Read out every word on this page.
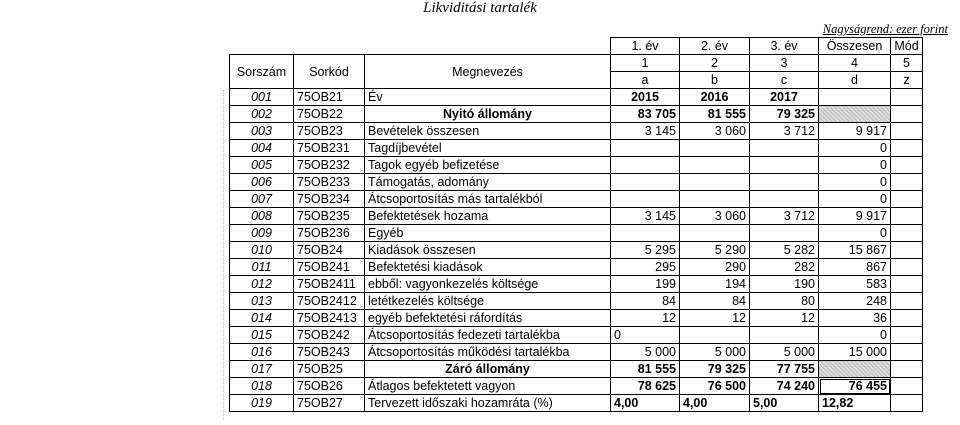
Likviditási tartalék
Nagyságrend: ezer forint
			1. év	2. év	3. év	Összesen	Mód
Sorszám	Sorkód	Megnevezés	1	2	3	4	5
			a	b	c	d	z
001	75OB21	Év	2015	2016	2017		
002	75OB22	Nyitó állomány	83 705	81 555	79 325		
003	75OB23	Bevételek összesen	3 145	3 060	3 712	9 917	
004	75OB231	Tagdíjbevétel				0	
005	75OB232	Tagok egyéb befizetése				0	
006	75OB233	Támogatás, adomány				0	
007	75OB234	Átcsoportosítás más tartalékból				0	
008	75OB235	Befektetések hozama	3 145	3 060	3 712	9 917	
009	75OB236	Egyéb				0	
010	75OB24	Kiadások összesen	5 295	5 290	5 282	15 867	
011	75OB241	Befektetési kiadások	295	290	282	867	
012	75OB2411	ebből: vagyonkezelés költsége	199	194	190	583	
013	75OB2412	letétkezelés költsége	84	84	80	248	
014	75OB2413	egyéb befektetési ráfordítás	12	12	12	36	
015	75OB242	Átcsoportosítás fedezeti tartalékba	0			0	
016	75OB243	Átcsoportosítás működési tartalékba	5 000	5 000	5 000	15 000	
017	75OB25	Záró állomány	81 555	79 325	77 755		
018	75OB26	Átlagos befektetett vagyon	78 625	76 500	74 240	76 455	
019	75OB27	Tervezett időszaki hozamráta (%)	4,00	4,00	5,00	12,82	
